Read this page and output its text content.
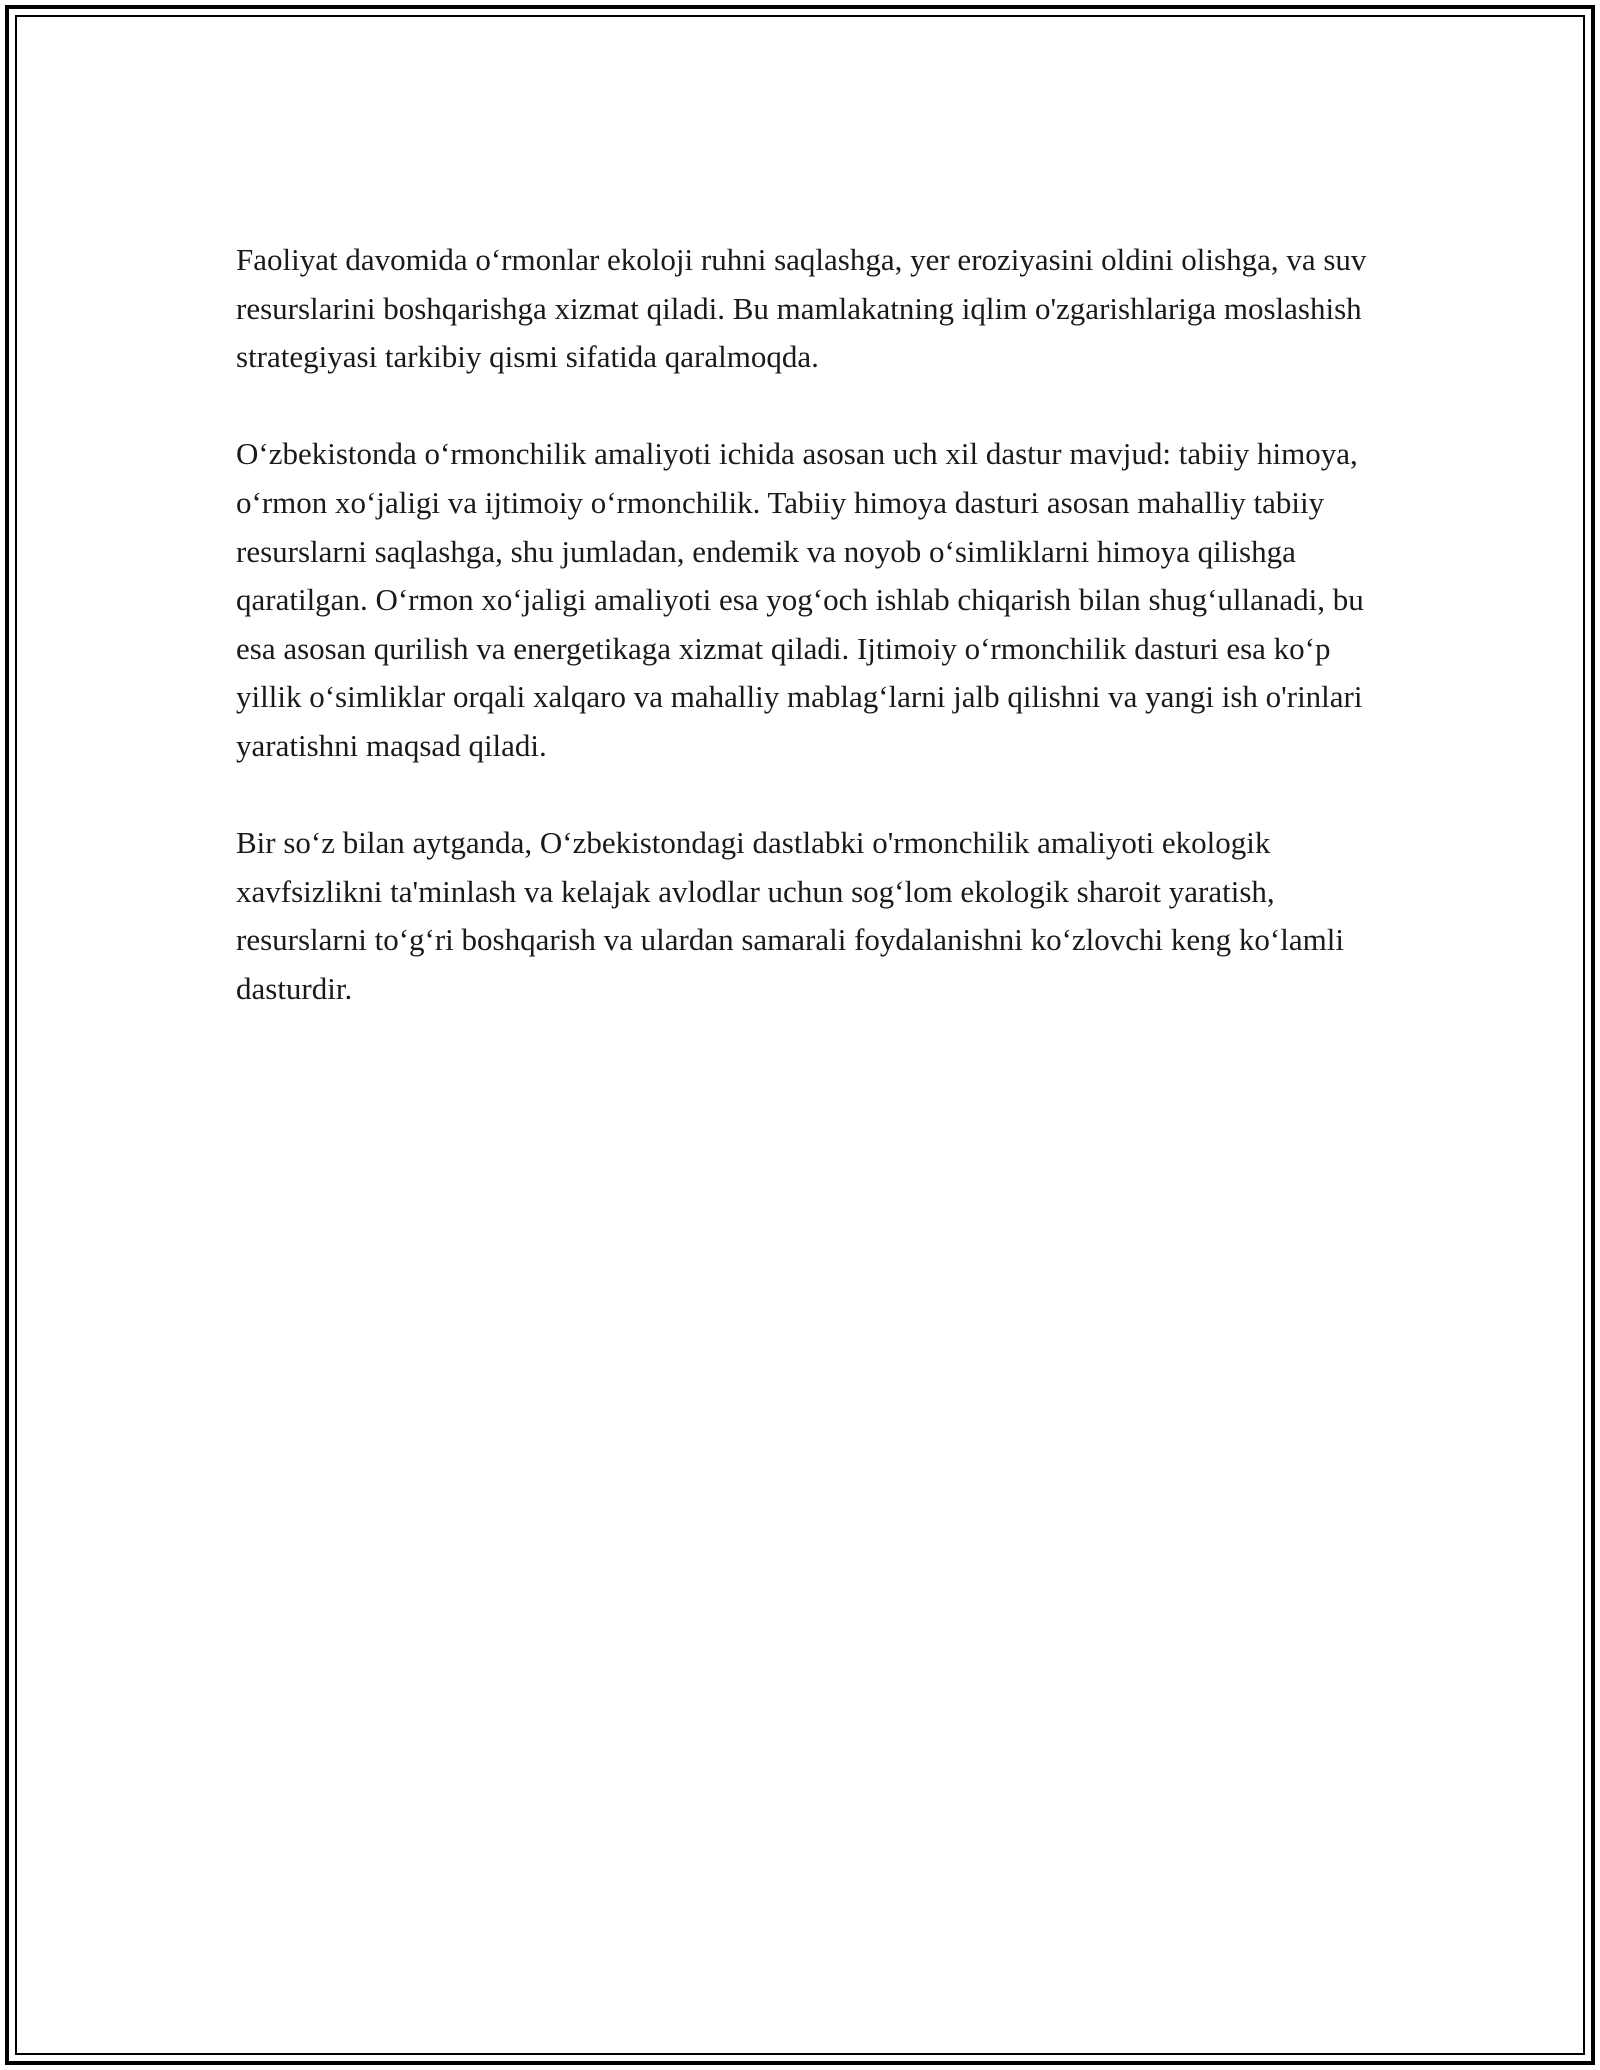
Faoliyat davomida o‘rmonlar ekoloji ruhni saqlashga, yer eroziyasini oldini olishga, va suv resurslarini boshqarishga xizmat qiladi. Bu mamlakatning iqlim o'zgarishlariga moslashish strategiyasi tarkibiy qismi sifatida qaralmoqda.

O‘zbekistonda o‘rmonchilik amaliyoti ichida asosan uch xil dastur mavjud: tabiiy himoya, o‘rmon xo‘jaligi va ijtimoiy o‘rmonchilik. Tabiiy himoya dasturi asosan mahalliy tabiiy resurslarni saqlashga, shu jumladan, endemik va noyob o‘simliklarni himoya qilishga qaratilgan. O‘rmon xo‘jaligi amaliyoti esa yog‘och ishlab chiqarish bilan shug‘ullanadi, bu esa asosan qurilish va energetikaga xizmat qiladi. Ijtimoiy o‘rmonchilik dasturi esa ko‘p yillik o‘simliklar orqali xalqaro va mahalliy mablag‘larni jalb qilishni va yangi ish o'rinlari yaratishni maqsad qiladi.

Bir so‘z bilan aytganda, O‘zbekistondagi dastlabki o'rmonchilik amaliyoti ekologik xavfsizlikni ta'minlash va kelajak avlodlar uchun sog‘lom ekologik sharoit yaratish, resurslarni to‘g‘ri boshqarish va ulardan samarali foydalanishni ko‘zlovchi keng ko‘lamli dasturdir.
